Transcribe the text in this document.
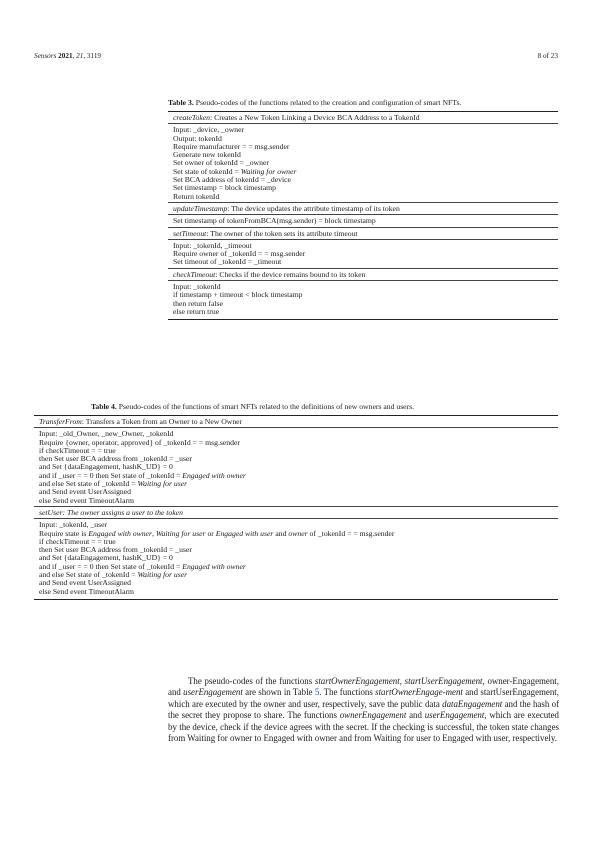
Sensors 2021, 21, 3119	8 of 23
Table 3. Pseudo-codes of the functions related to the creation and configuration of smart NFTs.
createToken: Creates a New Token Linking a Device BCA Address to a TokenId
Input: _device, _owner
Output: tokenId
Require manufacturer = = msg.sender
Generate new tokenId
Set owner of tokenId = _owner
Set state of tokenId = Waiting for owner
Set BCA address of tokenId = _device
Set timestamp = block timestamp
Return tokenId
updateTimestamp: The device updates the attribute timestamp of its token
Set timestamp of tokenFromBCA(msg.sender) = block timestamp
setTimeout: The owner of the token sets its attribute timeout
Input: _tokenId, _timeout
Require owner of _tokenId = = msg.sender
Set timeout of _tokenId = _timeout
checkTimeout: Checks if the device remains bound to its token
Input: _tokenId
if timestamp + timeout < block timestamp
then return false
else return true
Table 4. Pseudo-codes of the functions of smart NFTs related to the definitions of new owners and users.
TransferFrom: Transfers a Token from an Owner to a New Owner
Input: _old_Owner, _new_Owner, _tokenId
Require {owner, operator, approved} of _tokenId = = msg.sender
if checkTimeout = = true
then Set user BCA address from _tokenId = _user
and Set {dataEngagement, hashK_UD} = 0
and if _user = = 0 then Set state of _tokenId = Engaged with owner
and else Set state of _tokenId = Waiting for user
and Send event UserAssigned
else Send event TimeoutAlarm
setUser: The owner assigns a user to the token
Input: _tokenId, _user
Require state is Engaged with owner, Waiting for user or Engaged with user and owner of _tokenId = = msg.sender
if checkTimeout = = true
then Set user BCA address from _tokenId = _user
and Set {dataEngagement, hashK_UD} = 0
and if _user = = 0 then Set state of _tokenId = Engaged with owner
and else Set state of _tokenId = Waiting for user
and Send event UserAssigned
else Send event TimeoutAlarm

The pseudo-codes of the functions startOwnerEngagement, startUserEngagement, owner-Engagement, and userEngagement are shown in Table 5. The functions startOwnerEngage-ment and startUserEngagement, which are executed by the owner and user, respectively, save the public data dataEngagement and the hash of the secret they propose to share. The functions ownerEngagement and userEngagement, which are executed by the device, check if the device agrees with the secret. If the checking is successful, the token state changes from Waiting for owner to Engaged with owner and from Waiting for user to Engaged with user, respectively.
